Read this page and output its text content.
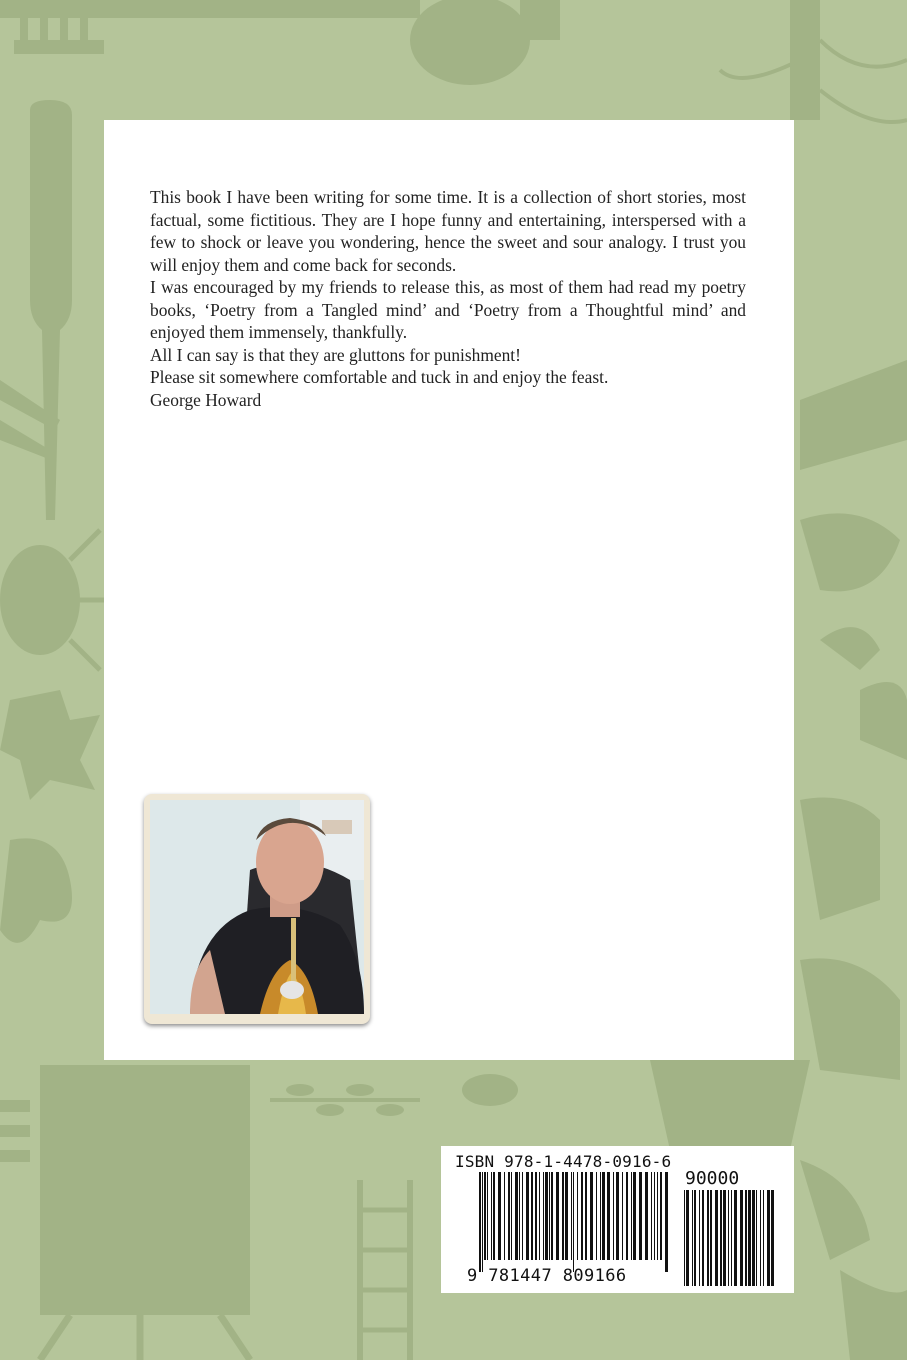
This book I have been writing for some time. It is a collection of short stories, most factual, some fictitious. They are I hope funny and entertaining, interspersed with a few to shock or leave you wondering, hence the sweet and sour analogy. I trust you will enjoy them and come back for seconds.

I was encouraged by my friends to release this, as most of them had read my poetry books, ‘Poetry from a Tangled mind’ and ‘Poetry from a Thoughtful mind’ and enjoyed them immensely, thankfully.

All I can say is that they are gluttons for punishment!

Please sit somewhere comfortable and tuck in and enjoy the feast.

George Howard

ISBN 978-1-4478-0916-6
90000
9 781447 809166
